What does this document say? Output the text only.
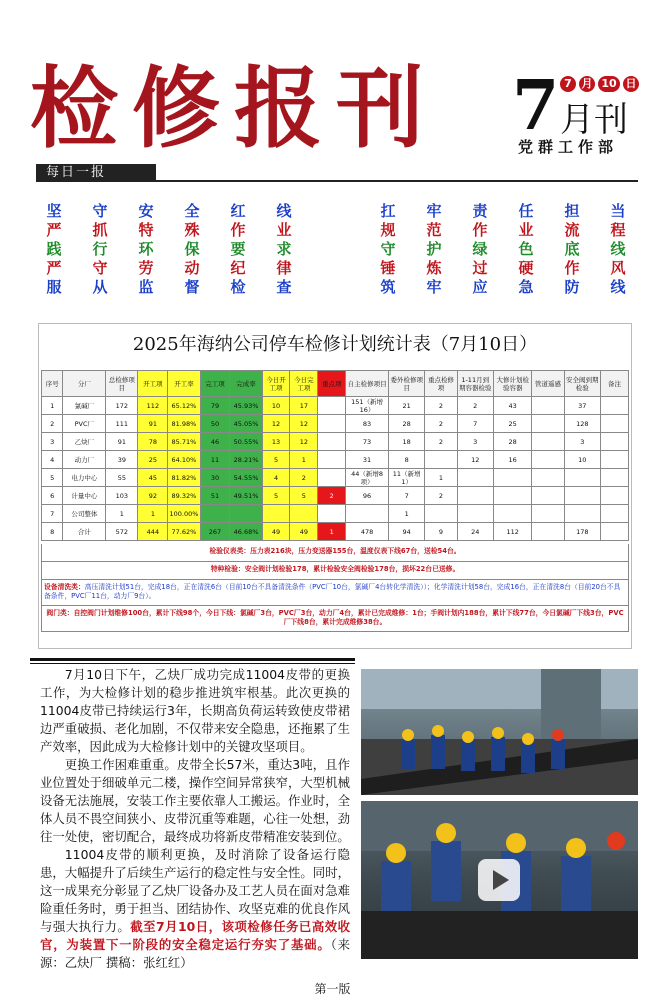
检修报刊	7 7 月 10 日
月刊
党群工作部
每日一报
坚 守 安 全 红 线
严 抓 特 殊 作 业
践 行 环 保 要 求
严 守 劳 动 纪 律
服 从 监 督 检 查
扛 牢 责 任 担 当
规 范 作 业 流 程
守 护 绿 色 底 线
锤 炼 过 硬 作 风
筑 牢 应 急 防 线
2025年海纳公司停车检修计划统计表（7月10日）
序号	分厂	总检修项目	开工项	开工率	完工项	完成率	今日开工项	今日完工项	重点项	自主检修项目	委外检修项目	重点检修项	1-11月到期容器检验	大修计划检验容器	管道遥感	安全阀到期检验	备注
1	氯碱厂	172	112	65.12%	79	45.93%	10	17		151（新增16）	21	2	2	43		37	
2	PVC厂	111	91	81.98%	50	45.05%	12	12		83	28	2	7	25		128	
3	乙炔厂	91	78	85.71%	46	50.55%	13	12		73	18	2	3	28		3	
4	动力厂	39	25	64.10%	11	28.21%	5	1		31	8		12	16		10	
5	电力中心	55	45	81.82%	30	54.55%	4	2		44（新增8项）	11（新增1）	1					
6	计量中心	103	92	89.32%	51	49.51%	5	5	2	96	7	2					
7	公司整体	1	1	100.00%							1						
8	合计	572	444	77.62%	267	46.68%	49	49	1	478	94	9	24	112		178	
检验仪表类：压力表216块，压力变送器155台，温度仪表下线67台，送检54台。
特种检验：安全阀计划检验178，累计检验安全阀检验178台，损坏22台已送修。
设备清洗类：高压清洗计划51台，完成18台，正在清洗6台（目前10台不具备清洗条件（PVC厂10台，氯碱厂4台转化学清洗））；化学清洗计划58台，完成16台，正在清洗8台（目前20台不具备条件，PVC厂11台，动力厂9台）。
阀门类：自控阀门计划维修100台，累计下线98个，今日下线：氯碱厂3台，PVC厂3台，动力厂4台，累计已完成维修：1台；手阀计划内188台，累计下线77台，今日氯碱厂下线3台，PVC厂下线8台，累计完成维修38台。

7月10日下午，乙炔厂成功完成11004皮带的更换工作，为大检修计划的稳步推进筑牢根基。此次更换的11004皮带已持续运行3年，长期高负荷运转致使皮带裙边严重破损、老化加剧，不仅带来安全隐患，还拖累了生产效率，因此成为大检修计划中的关键攻坚项目。

更换工作困难重重。皮带全长57米，重达3吨，且作业位置处于细破单元二楼，操作空间异常狭窄，大型机械设备无法施展，安装工作主要依靠人工搬运。作业时，全体人员不畏空间狭小、皮带沉重等难题，心往一处想，劲往一处使，密切配合，最终成功将新皮带精准安装到位。

11004皮带的顺利更换，及时消除了设备运行隐患，大幅提升了后续生产运行的稳定性与安全性。同时，这一成果充分彰显了乙炔厂设备办及工艺人员在面对急难险重任务时，勇于担当、团结协作、攻坚克难的优良作风与强大执行力。截至7月10日，该项检修任务已高效收官，为装置下一阶段的安全稳定运行夯实了基础。（来源：乙炔厂 撰稿：张红红）

第一版
